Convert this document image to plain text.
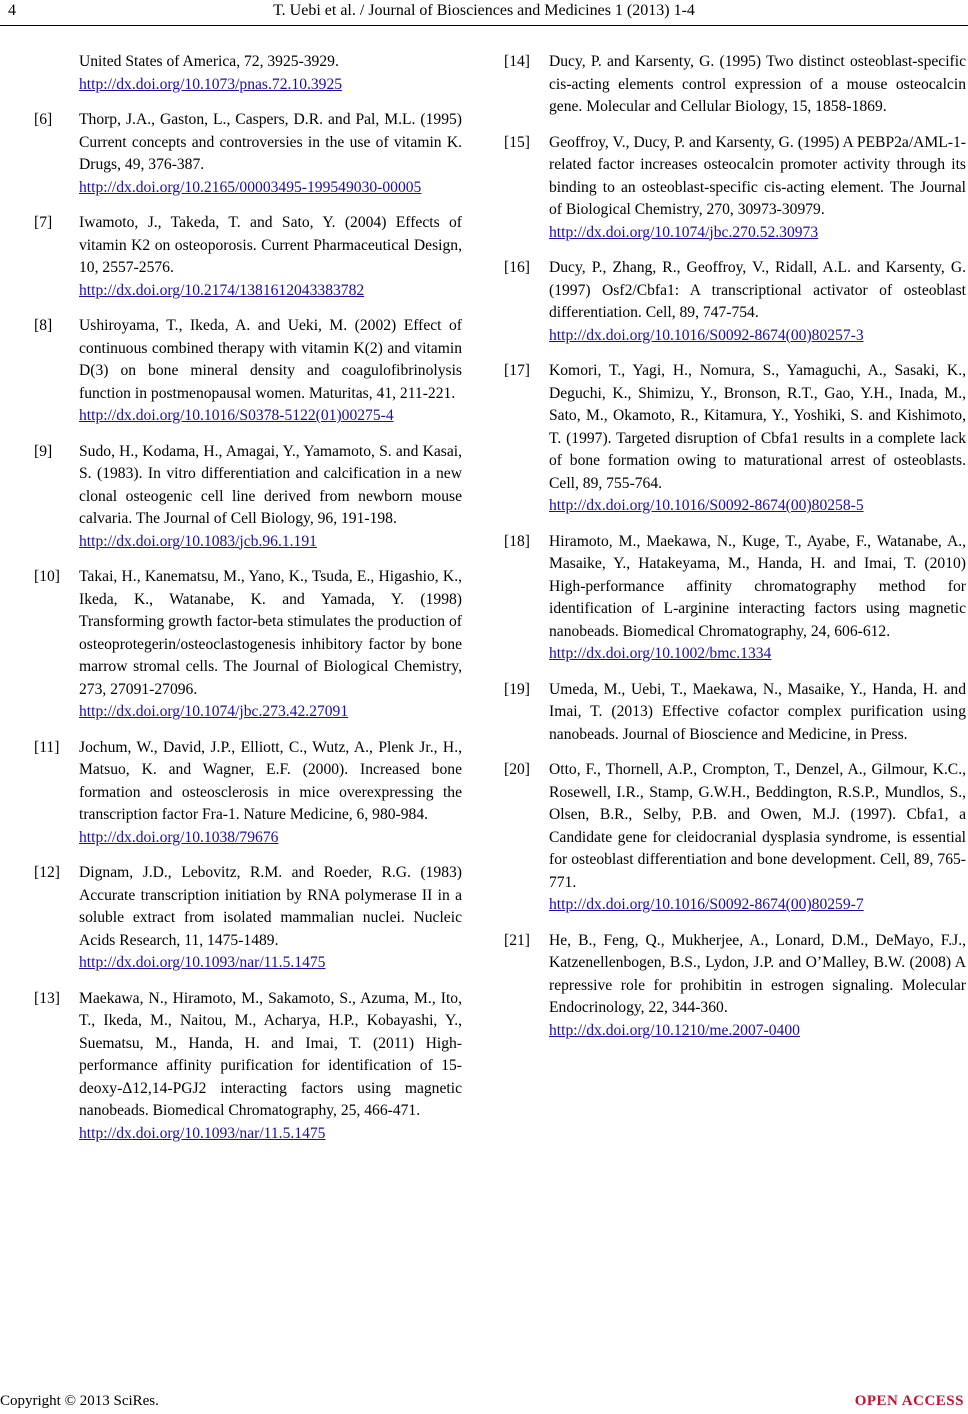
4	T. Uebi et al. / Journal of Biosciences and Medicines 1 (2013) 1-4
United States of America, 72, 3925-3929.
http://dx.doi.org/10.1073/pnas.72.10.3925
[6]	Thorp, J.A., Gaston, L., Caspers, D.R. and Pal, M.L. (1995) Current concepts and controversies in the use of vitamin K. Drugs, 49, 376-387.
http://dx.doi.org/10.2165/00003495-199549030-00005
[7]	Iwamoto, J., Takeda, T. and Sato, Y. (2004) Effects of vitamin K2 on osteoporosis. Current Pharmaceutical Design, 10, 2557-2576.
http://dx.doi.org/10.2174/1381612043383782
[8]	Ushiroyama, T., Ikeda, A. and Ueki, M. (2002) Effect of continuous combined therapy with vitamin K(2) and vitamin D(3) on bone mineral density and coagulofibrinolysis function in postmenopausal women. Maturitas, 41, 211-221.
http://dx.doi.org/10.1016/S0378-5122(01)00275-4
[9]	Sudo, H., Kodama, H., Amagai, Y., Yamamoto, S. and Kasai, S. (1983). In vitro differentiation and calcification in a new clonal osteogenic cell line derived from newborn mouse calvaria. The Journal of Cell Biology, 96, 191-198.
http://dx.doi.org/10.1083/jcb.96.1.191
[10]	Takai, H., Kanematsu, M., Yano, K., Tsuda, E., Higashio, K., Ikeda, K., Watanabe, K. and Yamada, Y. (1998) Transforming growth factor-beta stimulates the production of osteoprotegerin/osteoclastogenesis inhibitory factor by bone marrow stromal cells. The Journal of Biological Chemistry, 273, 27091-27096.
http://dx.doi.org/10.1074/jbc.273.42.27091
[11]	Jochum, W., David, J.P., Elliott, C., Wutz, A., Plenk Jr., H., Matsuo, K. and Wagner, E.F. (2000). Increased bone formation and osteosclerosis in mice overexpressing the transcription factor Fra-1. Nature Medicine, 6, 980-984.
http://dx.doi.org/10.1038/79676
[12]	Dignam, J.D., Lebovitz, R.M. and Roeder, R.G. (1983) Accurate transcription initiation by RNA polymerase II in a soluble extract from isolated mammalian nuclei. Nucleic Acids Research, 11, 1475-1489.
http://dx.doi.org/10.1093/nar/11.5.1475
[13]	Maekawa, N., Hiramoto, M., Sakamoto, S., Azuma, M., Ito, T., Ikeda, M., Naitou, M., Acharya, H.P., Kobayashi, Y., Suematsu, M., Handa, H. and Imai, T. (2011) High-performance affinity purification for identification of 15-deoxy-Δ12,14-PGJ2 interacting factors using magnetic nanobeads. Biomedical Chromatography, 25, 466-471.
http://dx.doi.org/10.1093/nar/11.5.1475
[14]	Ducy, P. and Karsenty, G. (1995) Two distinct osteoblast-specific cis-acting elements control expression of a mouse osteocalcin gene. Molecular and Cellular Biology, 15, 1858-1869.
[15]	Geoffroy, V., Ducy, P. and Karsenty, G. (1995) A PEBP2a/AML-1-related factor increases osteocalcin promoter activity through its binding to an osteoblast-specific cis-acting element. The Journal of Biological Chemistry, 270, 30973-30979.
http://dx.doi.org/10.1074/jbc.270.52.30973
[16]	Ducy, P., Zhang, R., Geoffroy, V., Ridall, A.L. and Karsenty, G. (1997) Osf2/Cbfa1: A transcriptional activator of osteoblast differentiation. Cell, 89, 747-754.
http://dx.doi.org/10.1016/S0092-8674(00)80257-3
[17]	Komori, T., Yagi, H., Nomura, S., Yamaguchi, A., Sasaki, K., Deguchi, K., Shimizu, Y., Bronson, R.T., Gao, Y.H., Inada, M., Sato, M., Okamoto, R., Kitamura, Y., Yoshiki, S. and Kishimoto, T. (1997). Targeted disruption of Cbfa1 results in a complete lack of bone formation owing to maturational arrest of osteoblasts. Cell, 89, 755-764.
http://dx.doi.org/10.1016/S0092-8674(00)80258-5
[18]	Hiramoto, M., Maekawa, N., Kuge, T., Ayabe, F., Watanabe, A., Masaike, Y., Hatakeyama, M., Handa, H. and Imai, T. (2010) High-performance affinity chromatography method for identification of L-arginine interacting factors using magnetic nanobeads. Biomedical Chromatography, 24, 606-612.
http://dx.doi.org/10.1002/bmc.1334
[19]	Umeda, M., Uebi, T., Maekawa, N., Masaike, Y., Handa, H. and Imai, T. (2013) Effective cofactor complex purification using nanobeads. Journal of Bioscience and Medicine, in Press.
[20]	Otto, F., Thornell, A.P., Crompton, T., Denzel, A., Gilmour, K.C., Rosewell, I.R., Stamp, G.W.H., Beddington, R.S.P., Mundlos, S., Olsen, B.R., Selby, P.B. and Owen, M.J. (1997). Cbfa1, a Candidate gene for cleidocranial dysplasia syndrome, is essential for osteoblast differentiation and bone development. Cell, 89, 765-771.
http://dx.doi.org/10.1016/S0092-8674(00)80259-7
[21]	He, B., Feng, Q., Mukherjee, A., Lonard, D.M., DeMayo, F.J., Katzenellenbogen, B.S., Lydon, J.P. and O’Malley, B.W. (2008) A repressive role for prohibitin in estrogen signaling. Molecular Endocrinology, 22, 344-360.
http://dx.doi.org/10.1210/me.2007-0400
Copyright © 2013 SciRes.	OPEN ACCESS
